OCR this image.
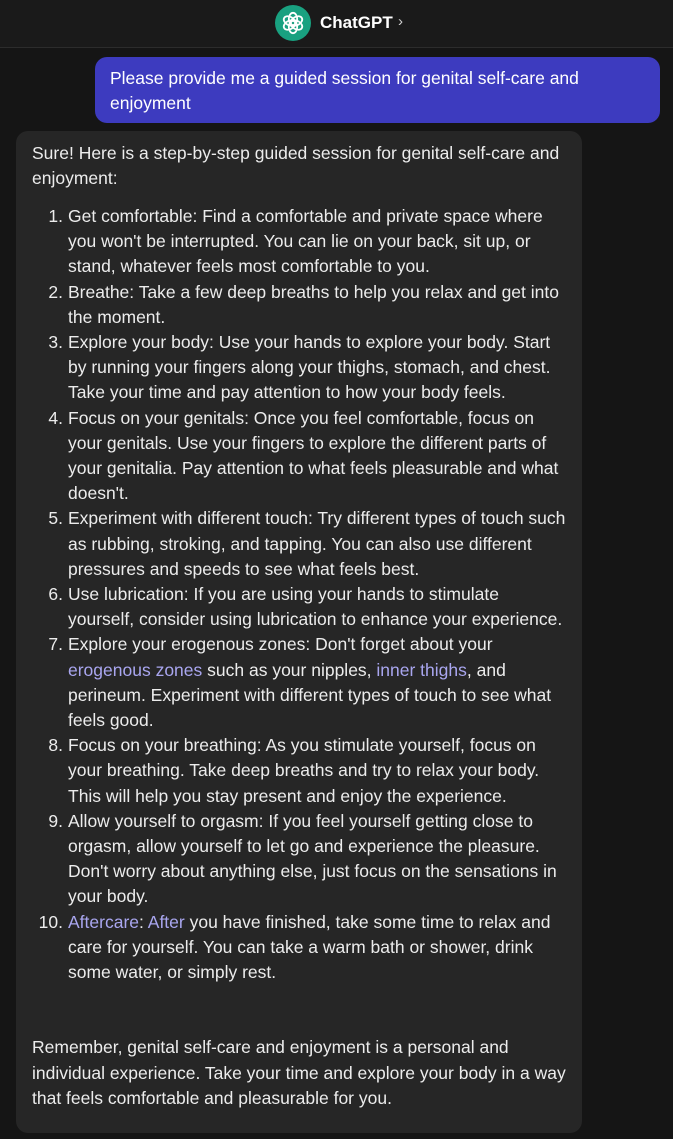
ChatGPT ›
Please provide me a guided session for genital self-care and enjoyment

Sure! Here is a step-by-step guided session for genital self-care and enjoyment:

Get comfortable: Find a comfortable and private space where you won't be interrupted. You can lie on your back, sit up, or stand, whatever feels most comfortable to you.
Breathe: Take a few deep breaths to help you relax and get into the moment.
Explore your body: Use your hands to explore your body. Start by running your fingers along your thighs, stomach, and chest. Take your time and pay attention to how your body feels.
Focus on your genitals: Once you feel comfortable, focus on your genitals. Use your fingers to explore the different parts of your genitalia. Pay attention to what feels pleasurable and what doesn't.
Experiment with different touch: Try different types of touch such as rubbing, stroking, and tapping. You can also use different pressures and speeds to see what feels best.
Use lubrication: If you are using your hands to stimulate yourself, consider using lubrication to enhance your experience.
Explore your erogenous zones: Don't forget about your erogenous zones such as your nipples, inner thighs, and perineum. Experiment with different types of touch to see what feels good.
Focus on your breathing: As you stimulate yourself, focus on your breathing. Take deep breaths and try to relax your body. This will help you stay present and enjoy the experience.
Allow yourself to orgasm: If you feel yourself getting close to orgasm, allow yourself to let go and experience the pleasure. Don't worry about anything else, just focus on the sensations in your body.
Aftercare: After you have finished, take some time to relax and care for yourself. You can take a warm bath or shower, drink some water, or simply rest.

Remember, genital self-care and enjoyment is a personal and individual experience. Take your time and explore your body in a way that feels comfortable and pleasurable for you.
